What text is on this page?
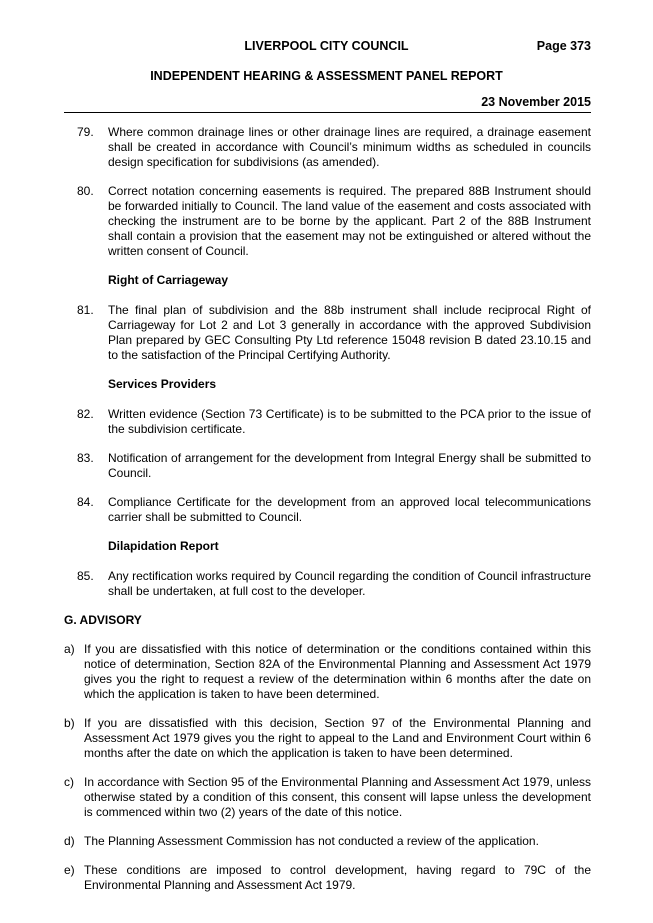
LIVERPOOL CITY COUNCIL	Page 373
INDEPENDENT HEARING & ASSESSMENT PANEL REPORT
23 November 2015
79.	Where common drainage lines or other drainage lines are required, a drainage easement shall be created in accordance with Council’s minimum widths as scheduled in councils design specification for subdivisions (as amended).
80.	Correct notation concerning easements is required. The prepared 88B Instrument should be forwarded initially to Council. The land value of the easement and costs associated with checking the instrument are to be borne by the applicant. Part 2 of the 88B Instrument shall contain a provision that the easement may not be extinguished or altered without the written consent of Council.
Right of Carriageway
81.	The final plan of subdivision and the 88b instrument shall include reciprocal Right of Carriageway for Lot 2 and Lot 3 generally in accordance with the approved Subdivision Plan prepared by GEC Consulting Pty Ltd reference 15048 revision B dated 23.10.15 and to the satisfaction of the Principal Certifying Authority.
Services Providers
82.	Written evidence (Section 73 Certificate) is to be submitted to the PCA prior to the issue of the subdivision certificate.
83.	Notification of arrangement for the development from Integral Energy shall be submitted to Council.
84.	Compliance Certificate for the development from an approved local telecommunications carrier shall be submitted to Council.
Dilapidation Report
85.	Any rectification works required by Council regarding the condition of Council infrastructure shall be undertaken, at full cost to the developer.
G. ADVISORY
a) If you are dissatisfied with this notice of determination or the conditions contained within this notice of determination, Section 82A of the Environmental Planning and Assessment Act 1979 gives you the right to request a review of the determination within 6 months after the date on which the application is taken to have been determined.
b) If you are dissatisfied with this decision, Section 97 of the Environmental Planning and Assessment Act 1979 gives you the right to appeal to the Land and Environment Court within 6 months after the date on which the application is taken to have been determined.
c) In accordance with Section 95 of the Environmental Planning and Assessment Act 1979, unless otherwise stated by a condition of this consent, this consent will lapse unless the development is commenced within two (2) years of the date of this notice.
d) The Planning Assessment Commission has not conducted a review of the application.
e) These conditions are imposed to control development, having regard to 79C of the Environmental Planning and Assessment Act 1979.
